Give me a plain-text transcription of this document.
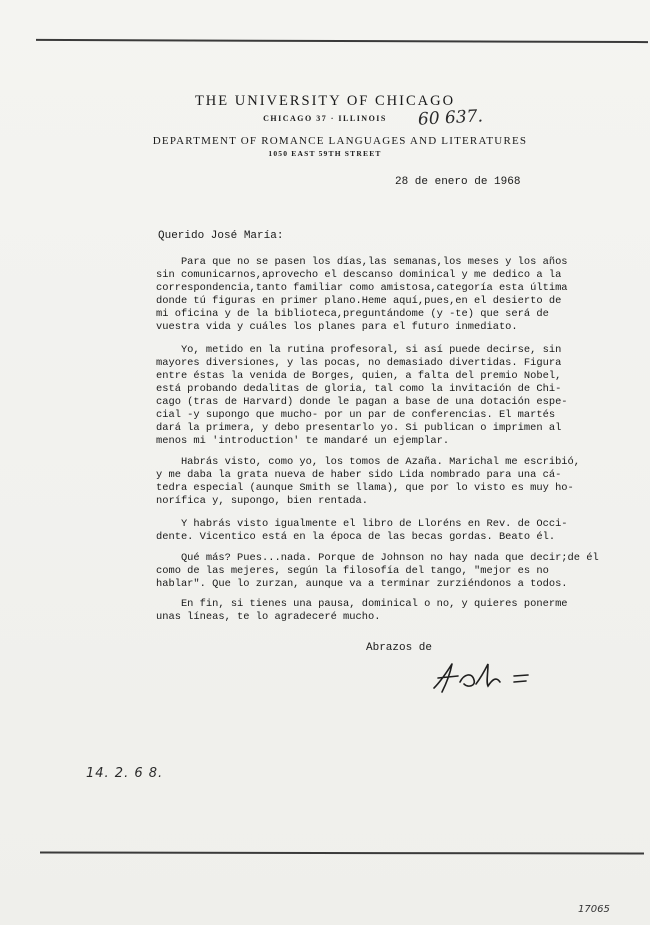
THE UNIVERSITY OF CHICAGO
CHICAGO 37 · ILLINOIS	60 637.
DEPARTMENT OF ROMANCE LANGUAGES AND LITERATURES
1050 EAST 59TH STREET
28 de enero de 1968
Querido José María:
Para que no se pasen los días,las semanas,los meses y los años
sin comunicarnos,aprovecho el descanso dominical y me dedico a la
correspondencia,tanto familiar como amistosa,categoría esta última
donde tú figuras en primer plano.Heme aquí,pues,en el desierto de
mi oficina y de la biblioteca,preguntándome (y -te) que será de
vuestra vida y cuáles los planes para el futuro inmediato.
Yo, metido en la rutina profesoral, si así puede decirse, sin
mayores diversiones, y las pocas, no demasiado divertidas. Figura
entre éstas la venida de Borges, quien, a falta del premio Nobel,
está probando dedalitas de gloria, tal como la invitación de Chi-
cago (tras de Harvard) donde le pagan a base de una dotación espe-
cial -y supongo que mucho- por un par de conferencias. El martés
dará la primera, y debo presentarlo yo. Si publican o imprimen al
menos mi 'introduction' te mandaré un ejemplar.
Habrás visto, como yo, los tomos de Azaña. Marichal me escribió,
y me daba la grata nueva de haber sido Lida nombrado para una cá-
tedra especial (aunque Smith se llama), que por lo visto es muy ho-
norífica y, supongo, bien rentada.
Y habrás visto igualmente el libro de Lloréns en Rev. de Occi-
dente. Vicentico está en la época de las becas gordas. Beato él.
Qué más? Pues...nada. Porque de Johnson no hay nada que decir;de él
como de las mejeres, según la filosofía del tango, "mejor es no
hablar". Que lo zurzan, aunque va a terminar zurziéndonos a todos.
En fin, si tienes una pausa, dominical o no, y quieres ponerme
unas líneas, te lo agradeceré mucho.
Abrazos de
14. 2. 6 8.
17065
